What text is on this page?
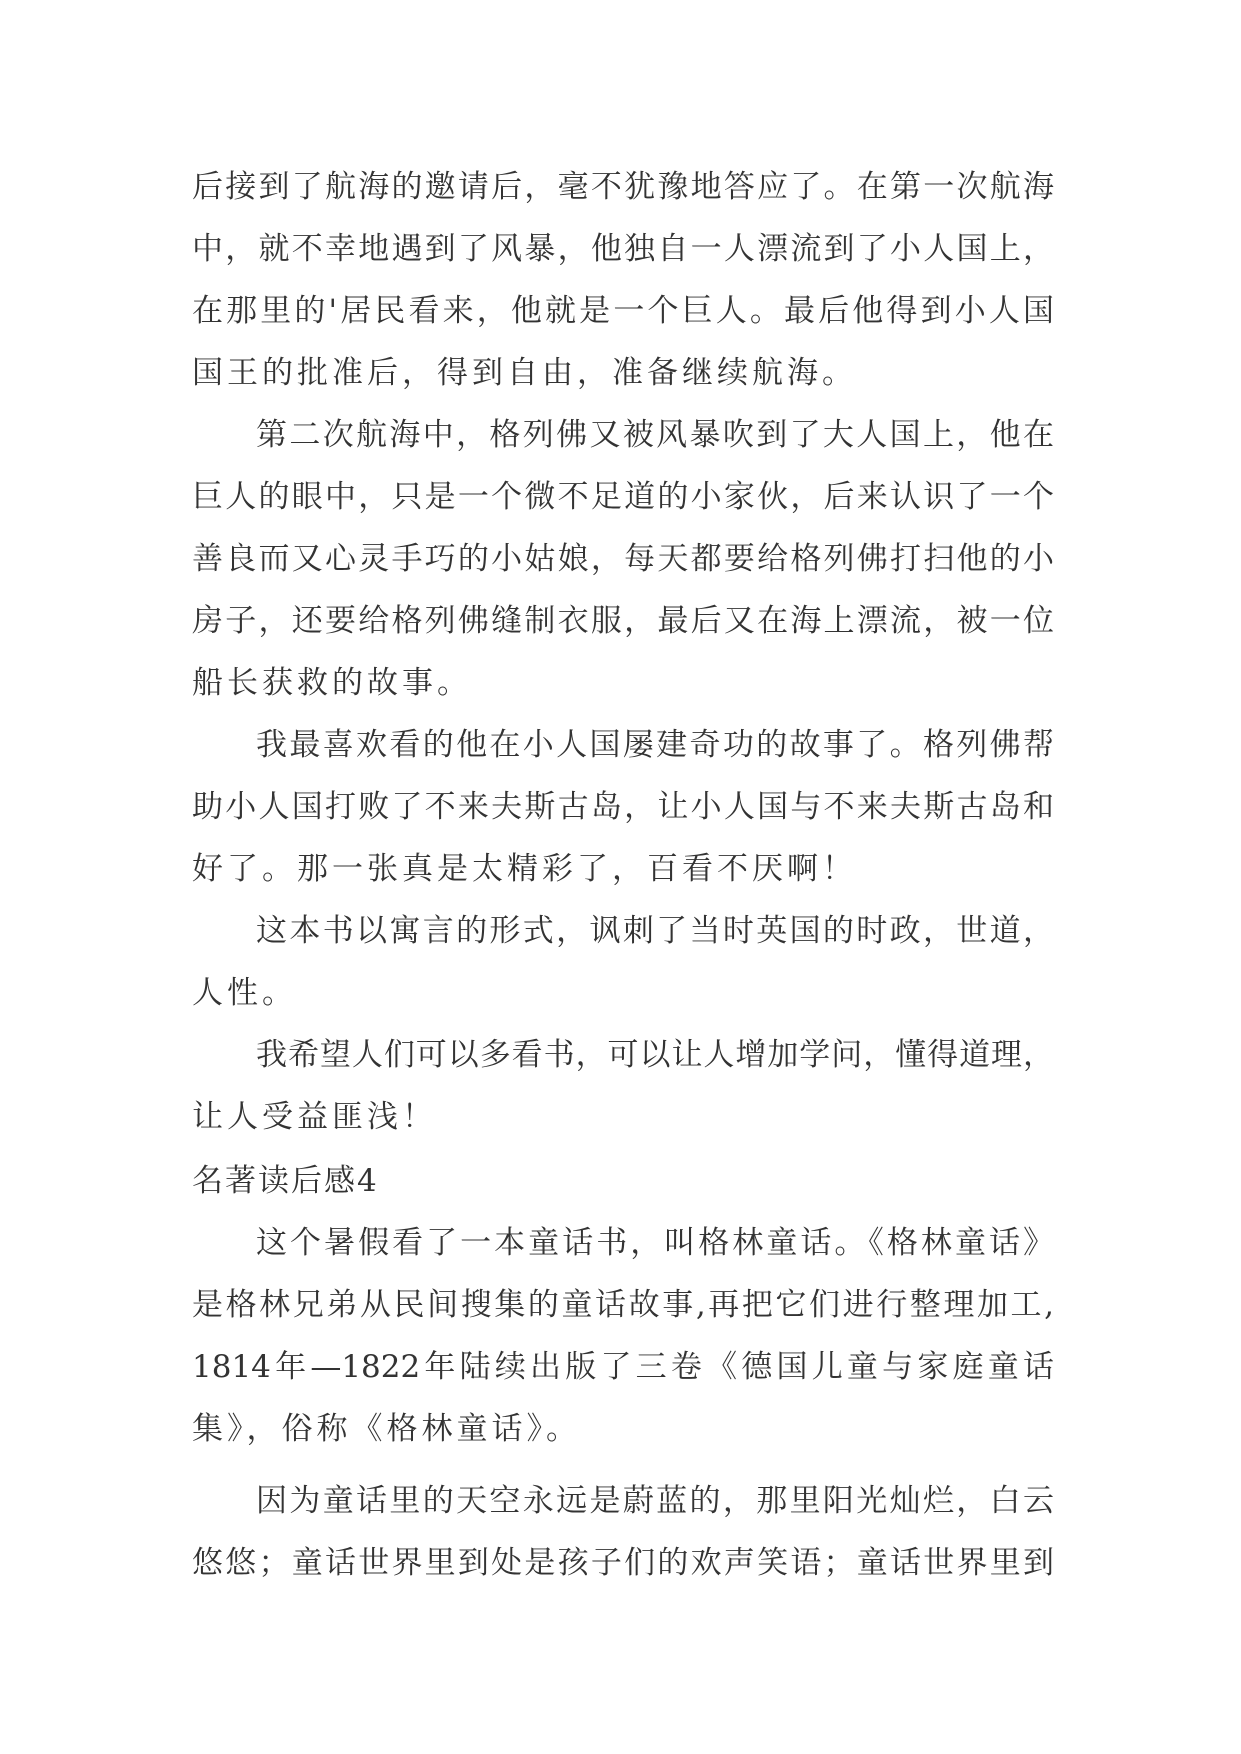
后接到了航海的邀请后，毫不犹豫地答应了。在第一次航海
中，就不幸地遇到了风暴，他独自一人漂流到了小人国上，
在那里的'居民看来，他就是一个巨人。最后他得到小人国
国王的批准后，得到自由，准备继续航海。
第二次航海中，格列佛又被风暴吹到了大人国上，他在
巨人的眼中，只是一个微不足道的小家伙，后来认识了一个
善良而又心灵手巧的小姑娘，每天都要给格列佛打扫他的小
房子，还要给格列佛缝制衣服，最后又在海上漂流，被一位
船长获救的故事。
我最喜欢看的他在小人国屡建奇功的故事了。格列佛帮
助小人国打败了不来夫斯古岛，让小人国与不来夫斯古岛和
好了。那一张真是太精彩了，百看不厌啊！
这本书以寓言的形式，讽刺了当时英国的时政，世道，
人性。
我希望人们可以多看书，可以让人增加学问，懂得道理，
让人受益匪浅！
名著读后感4
这个暑假看了一本童话书，叫格林童话。《格林童话》
是格林兄弟从民间搜集的童话故事,再把它们进行整理加工,
1814年—1822年陆续出版了三卷《德国儿童与家庭童话
集》，俗称《格林童话》。
因为童话里的天空永远是蔚蓝的，那里阳光灿烂，白云
悠悠；童话世界里到处是孩子们的欢声笑语；童话世界里到
